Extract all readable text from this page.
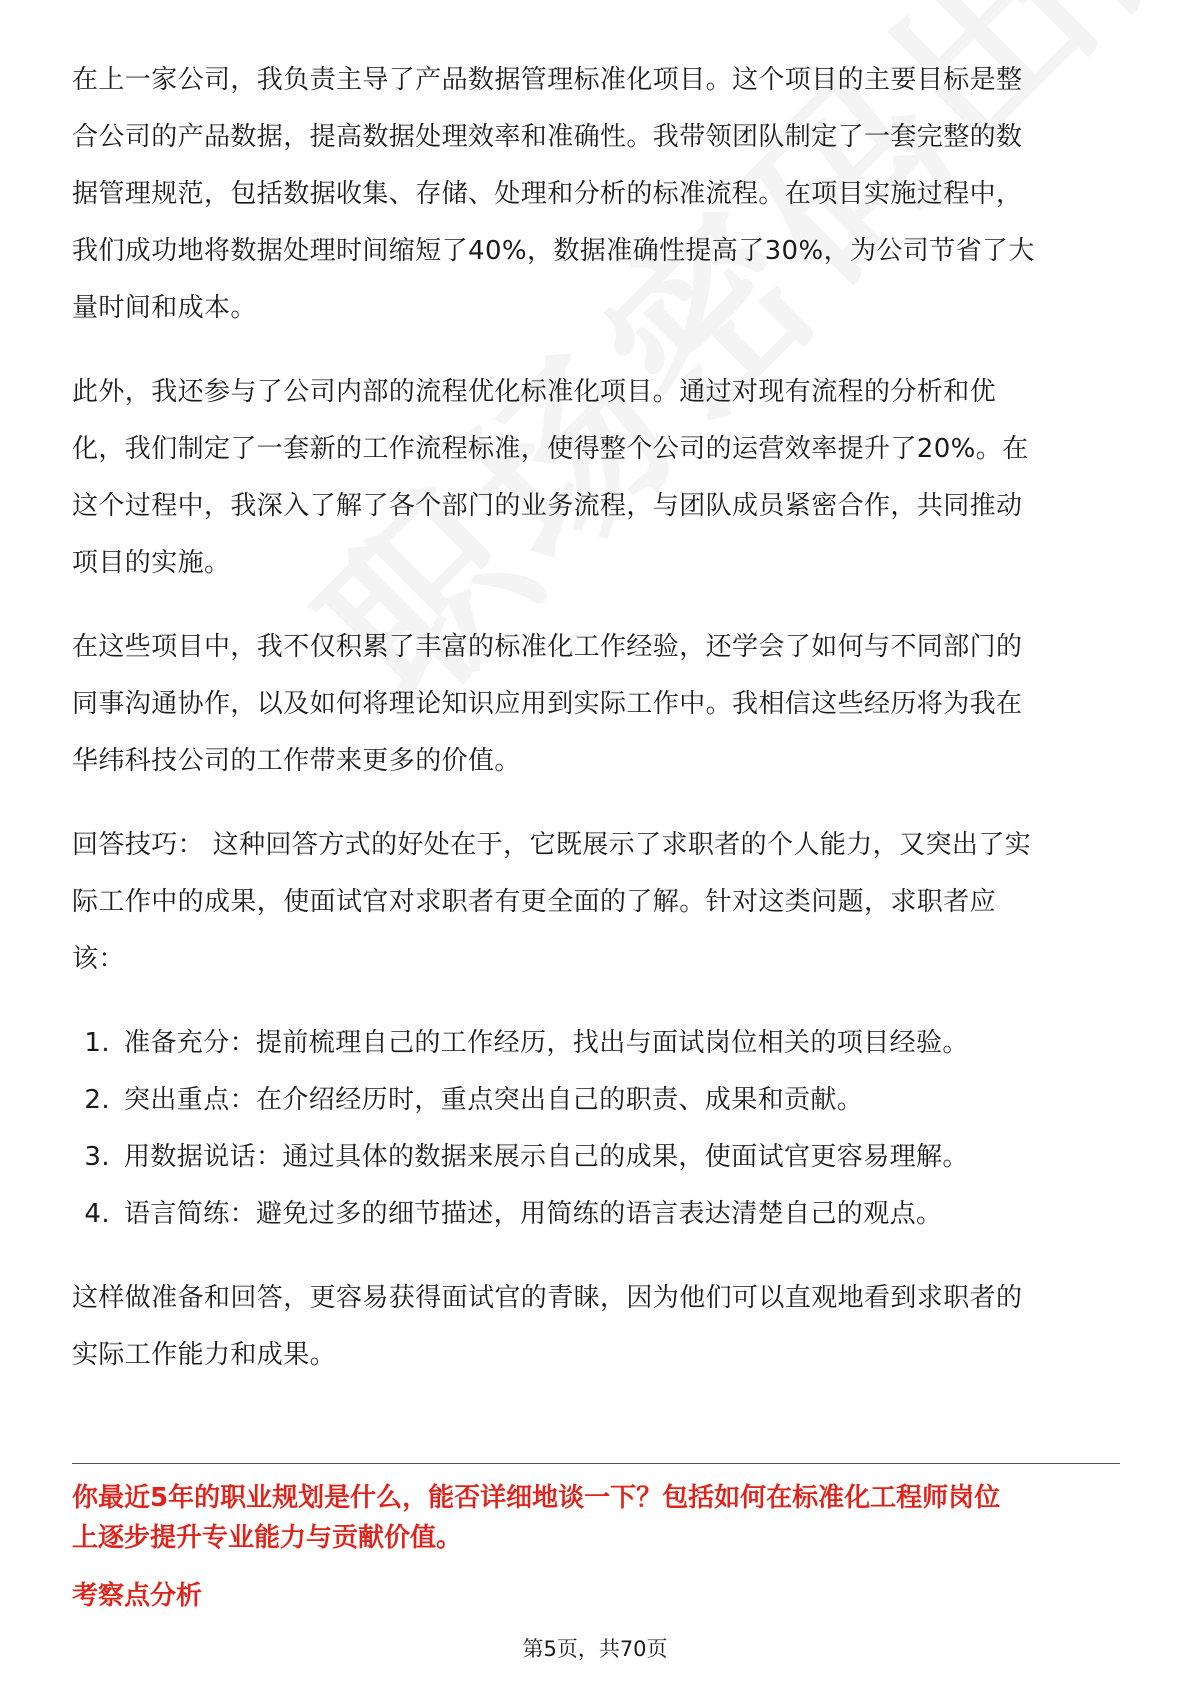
在上一家公司，我负责主导了产品数据管理标准化项目。这个项目的主要目标是整
合公司的产品数据，提高数据处理效率和准确性。我带领团队制定了一套完整的数
据管理规范，包括数据收集、存储、处理和分析的标准流程。在项目实施过程中，
我们成功地将数据处理时间缩短了40%，数据准确性提高了30%，为公司节省了大
量时间和成本。

此外，我还参与了公司内部的流程优化标准化项目。通过对现有流程的分析和优
化，我们制定了一套新的工作流程标准，使得整个公司的运营效率提升了20%。在
这个过程中，我深入了解了各个部门的业务流程，与团队成员紧密合作，共同推动
项目的实施。

在这些项目中，我不仅积累了丰富的标准化工作经验，还学会了如何与不同部门的
同事沟通协作，以及如何将理论知识应用到实际工作中。我相信这些经历将为我在
华纬科技公司的工作带来更多的价值。

回答技巧： 这种回答方式的好处在于，它既展示了求职者的个人能力，又突出了实
际工作中的成果，使面试官对求职者有更全面的了解。针对这类问题，求职者应
该：

1. 准备充分：提前梳理自己的工作经历，找出与面试岗位相关的项目经验。
2. 突出重点：在介绍经历时，重点突出自己的职责、成果和贡献。
3. 用数据说话：通过具体的数据来展示自己的成果，使面试官更容易理解。
4. 语言简练：避免过多的细节描述，用简练的语言表达清楚自己的观点。

这样做准备和回答，更容易获得面试官的青睐，因为他们可以直观地看到求职者的
实际工作能力和成果。

你最近5年的职业规划是什么，能否详细地谈一下？包括如何在标准化工程师岗位
上逐步提升专业能力与贡献价值。

考察点分析

第5页，共70页
